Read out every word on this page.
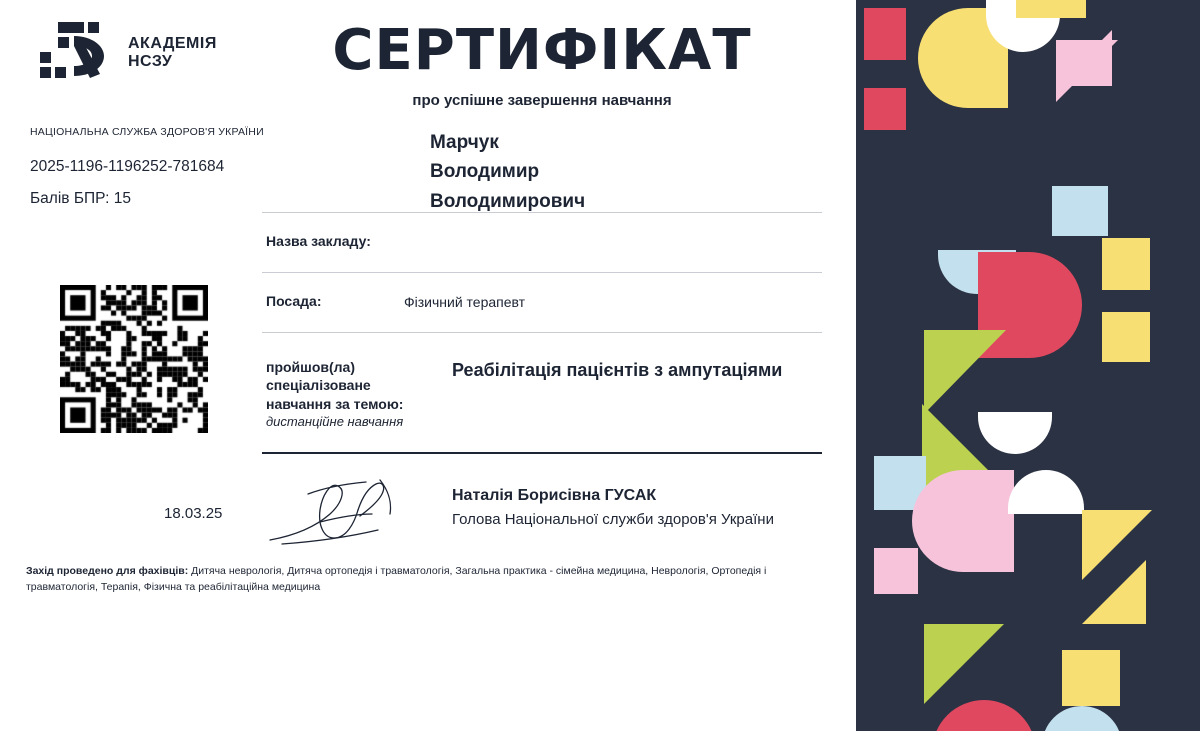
АКАДЕМІЯ
НСЗУ
НАЦІОНАЛЬНА СЛУЖБА ЗДОРОВ'Я УКРАЇНИ
2025-1196-1196252-781684
Балів БПР: 15
СЕРТИФІКАТ
про успішне завершення навчання
Марчук
Володимир
Володимирович
Назва закладу:
Посада:	Фізичний терапевт
пройшов(ла)
спеціалізоване
навчання за темою:
Реабілітація пацієнтів з ампутаціями
дистанційне навчання
18.03.25
Наталія Борисівна ГУСАК
Голова Національної служби здоров'я України
Захід проведено для фахівців: Дитяча неврологія, Дитяча ортопедія і травматологія, Загальна практика - сімейна медицина, Неврологія, Ортопедія і травматологія, Терапія, Фізична та реабілітаційна медицина
